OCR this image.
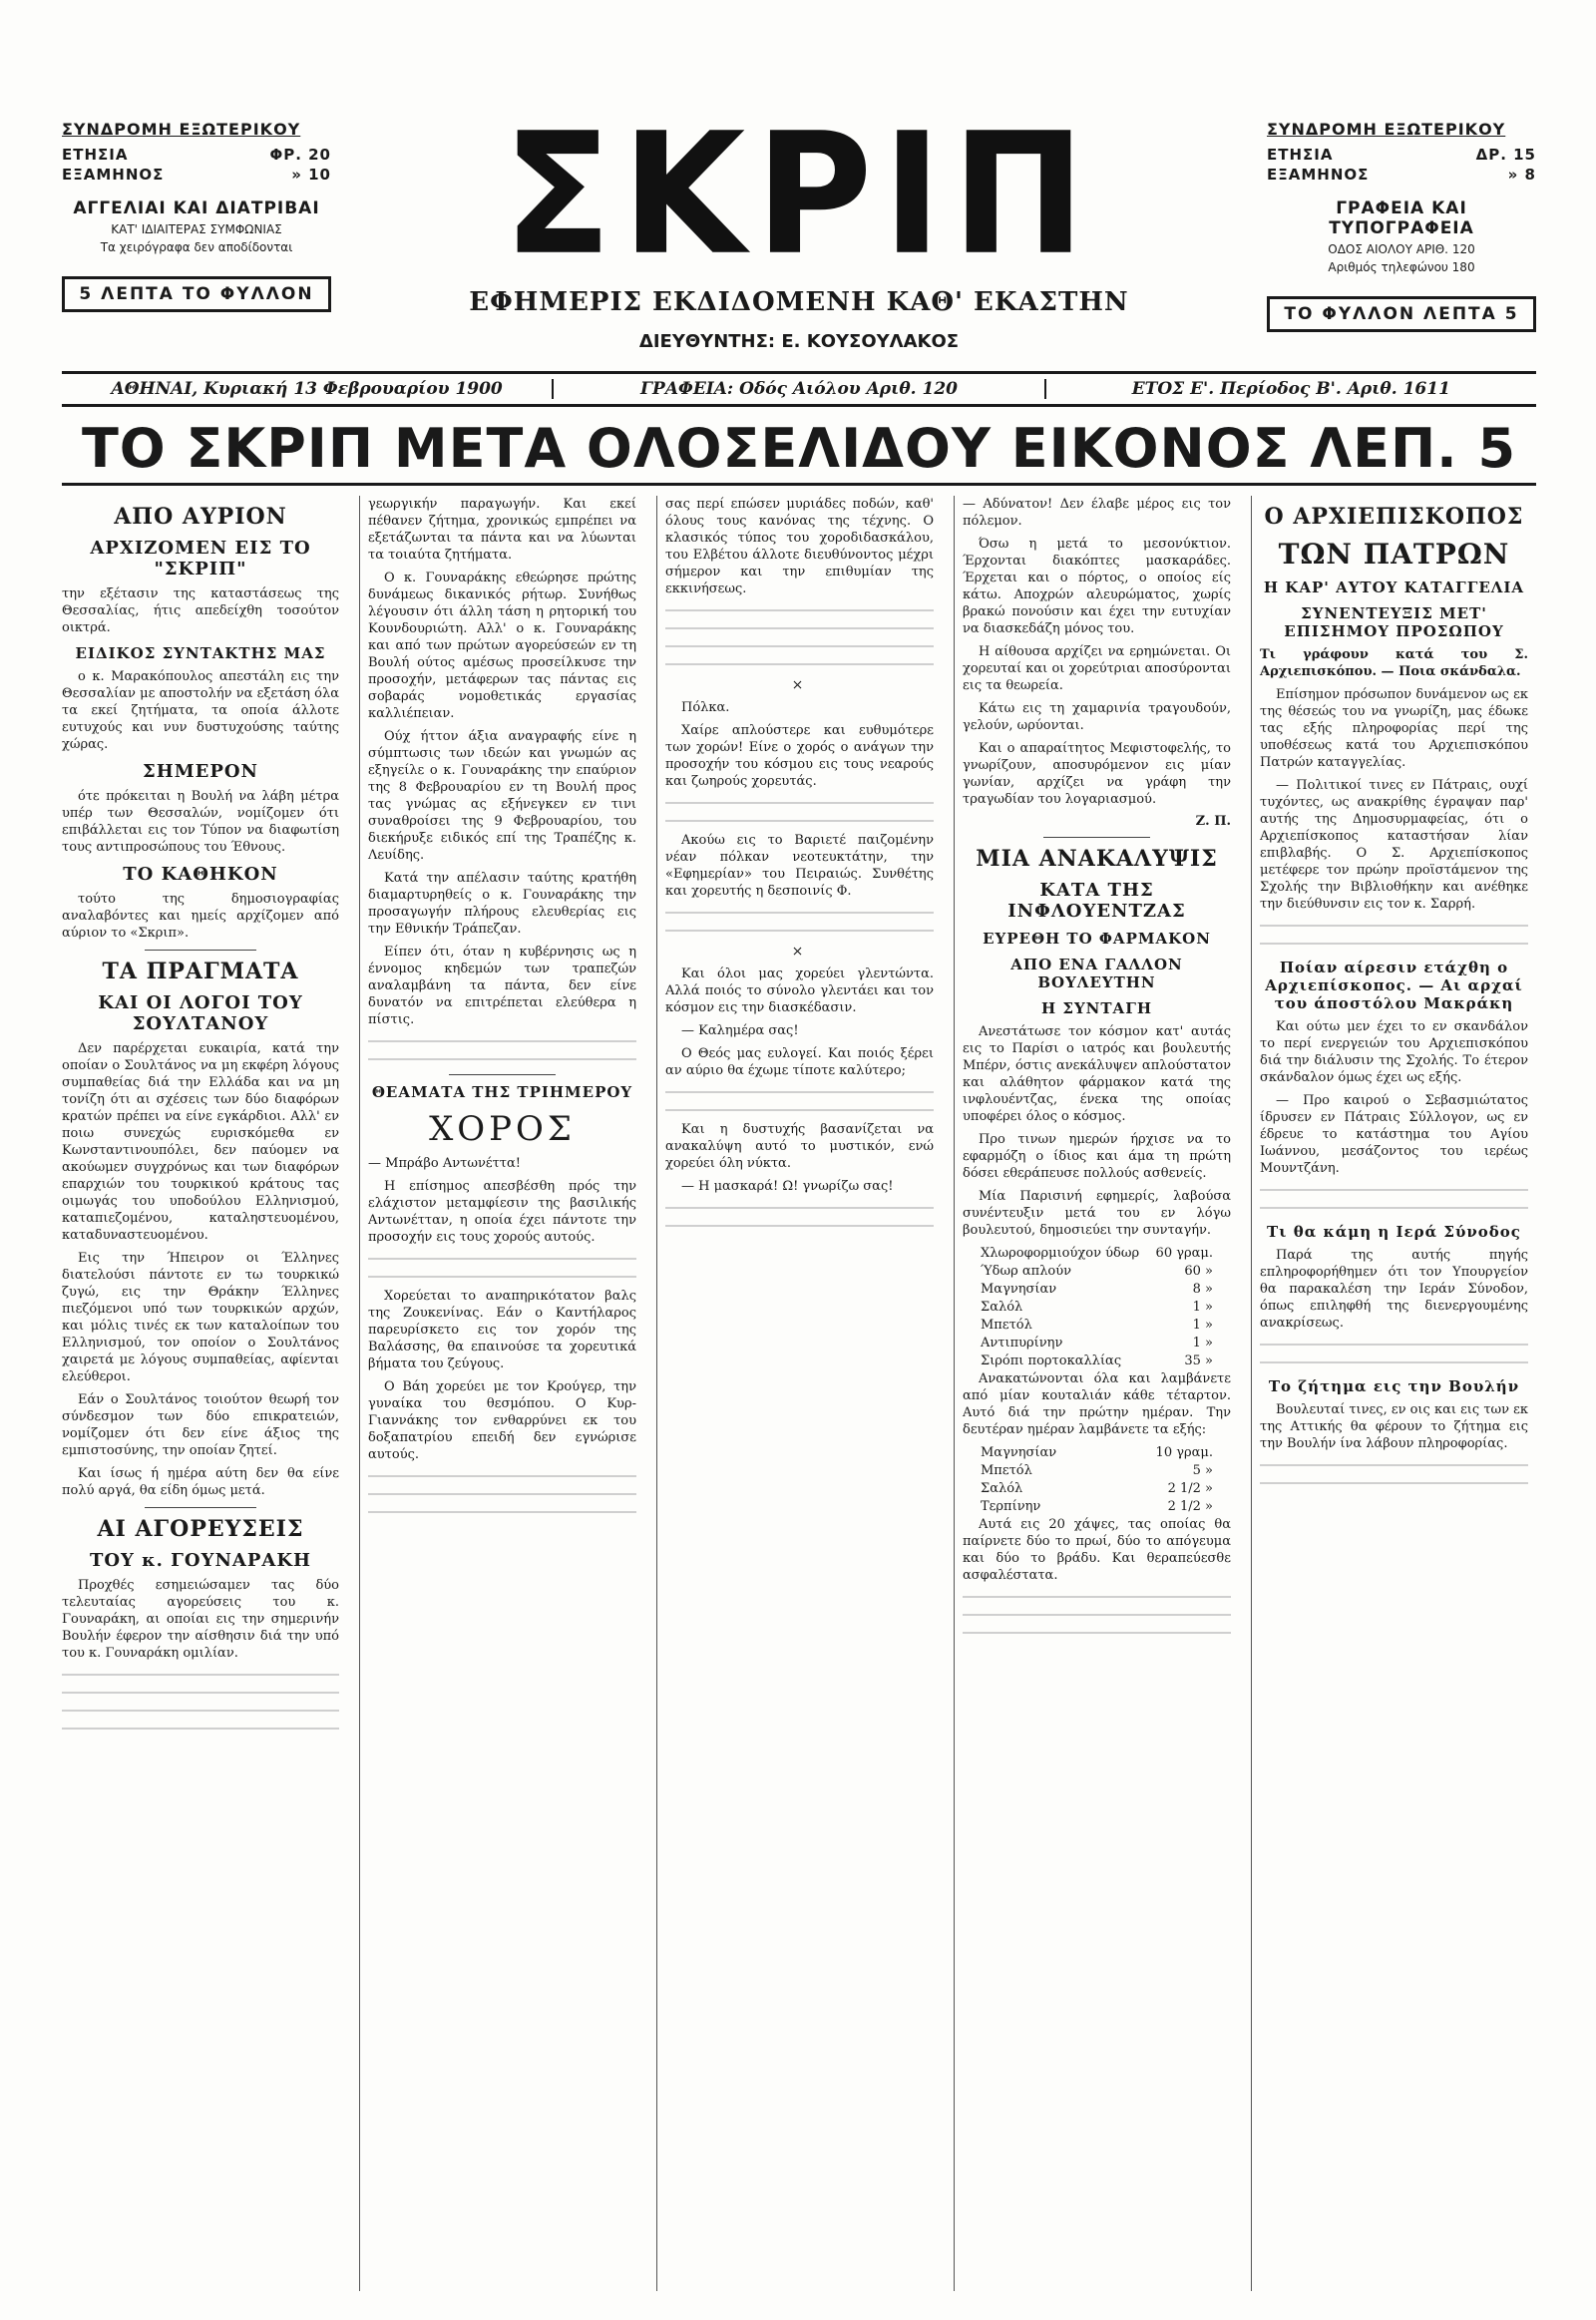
ΣΥΝΔΡΟΜΗ ΕΞΩΤΕΡΙΚΟΥ
ΕΤΗΣΙΑ	ΦΡ. 20
ΕΞΑΜΗΝΟΣ	» 10
ΑΓΓΕΛΙΑΙ ΚΑΙ ΔΙΑΤΡΙΒΑΙ
ΚΑΤ' ΙΔΙΑΙΤΕΡΑΣ ΣΥΜΦΩΝΙΑΣ
Τα χειρόγραφα δεν αποδίδονται
5 ΛΕΠΤΑ ΤΟ ΦΥΛΛΟΝ
ΣΚΡΙΠ
ΕΦΗΜΕΡΙΣ ΕΚΔΙΔΟΜΕΝΗ ΚΑΘ' ΕΚΑΣΤΗΝ
ΔΙΕΥΘΥΝΤΗΣ: Ε. ΚΟΥΣΟΥΛΑΚΟΣ
ΣΥΝΔΡΟΜΗ ΕΞΩΤΕΡΙΚΟΥ
ΕΤΗΣΙΑ	ΔΡ. 15
ΕΞΑΜΗΝΟΣ	» 8
ΓΡΑΦΕΙΑ ΚΑΙ ΤΥΠΟΓΡΑΦΕΙΑ
ΟΔΟΣ ΑΙΟΛΟΥ ΑΡΙΘ. 120
Αριθμός τηλεφώνου 180
ΤΟ ΦΥΛΛΟΝ ΛΕΠΤΑ 5
ΑΘΗΝΑΙ, Κυριακή 13 Φεβρουαρίου 1900	ΓΡΑΦΕΙΑ: Οδός Αιόλου Αριθ. 120	ΕΤΟΣ Ε'. Περίοδος Β'. Αριθ. 1611
ΤΟ ΣΚΡΙΠ ΜΕΤΑ ΟΛΟΣΕΛΙΔΟΥ ΕΙΚΟΝΟΣ ΛΕΠ. 5
ΑΠΟ ΑΥΡΙΟΝ
ΑΡΧΙΖΟΜΕΝ ΕΙΣ ΤΟ "ΣΚΡΙΠ"

την εξέτασιν της καταστάσεως της Θεσσαλίας, ήτις απεδείχθη τοσούτον οικτρά.

ΕΙΔΙΚΟΣ ΣΥΝΤΑΚΤΗΣ ΜΑΣ

ο κ. Μαρακόπουλος απεστάλη εις την Θεσσαλίαν με αποστολήν να εξετάση όλα τα εκεί ζητήματα, τα οποία άλλοτε ευτυχούς και νυν δυστυχούσης ταύτης χώρας.

ΣΗΜΕΡΟΝ

ότε πρόκειται η Βουλή να λάβη μέτρα υπέρ των Θεσσαλών, νομίζομεν ότι επιβάλλεται εις τον Τύπον να διαφωτίση τους αντιπροσώπους του Έθνους.

ΤΟ ΚΑΘΗΚΟΝ

τούτο της δημοσιογραφίας αναλαβόντες και ημείς αρχίζομεν από αύριον το «Σκριπ».

ΤΑ ΠΡΑΓΜΑΤΑ
ΚΑΙ ΟΙ ΛΟΓΟΙ ΤΟΥ ΣΟΥΛΤΑΝΟΥ

Δεν παρέρχεται ευκαιρία, κατά την οποίαν ο Σουλτάνος να μη εκφέρη λόγους συμπαθείας διά την Ελλάδα και να μη τονίζη ότι αι σχέσεις των δύο διαφόρων κρατών πρέπει να είνε εγκάρδιοι. Αλλ' εν ποιω συνεχώς ευρισκόμεθα εν Κωνσταντινουπόλει, δεν παύομεν να ακούωμεν συγχρόνως και των διαφόρων επαρχιών του τουρκικού κράτους τας οιμωγάς του υποδούλου Ελληνισμού, καταπιεζομένου, καταληστευομένου, καταδυναστευομένου.

Εις την Ήπειρον οι Έλληνες διατελούσι πάντοτε εν τω τουρκικώ ζυγώ, εις την Θράκην Έλληνες πιεζόμενοι υπό των τουρκικών αρχών, και μόλις τινές εκ των καταλοίπων του Ελληνισμού, τον οποίον ο Σουλτάνος χαιρετά με λόγους συμπαθείας, αφίενται ελεύθεροι.

Εάν ο Σουλτάνος τοιούτον θεωρή τον σύνδεσμον των δύο επικρατειών, νομίζομεν ότι δεν είνε άξιος της εμπιστοσύνης, την οποίαν ζητεί.

Και ίσως ή ημέρα αύτη δεν θα είνε πολύ αργά, θα είδη όμως μετά.

ΑΙ ΑΓΟΡΕΥΣΕΙΣ
ΤΟΥ κ. ΓΟΥΝΑΡΑΚΗ

Προχθές εσημειώσαμεν τας δύο τελευταίας αγορεύσεις του κ. Γουναράκη, αι οποίαι εις την σημερινήν Βουλήν έφερον την αίσθησιν διά την υπό του κ. Γουναράκη ομιλίαν.

γεωργικήν παραγωγήν. Και εκεί πέθανεν ζήτημα, χρονικώς εμπρέπει να εξετάζωνται τα πάντα και να λύωνται τα τοιαύτα ζητήματα.

Ο κ. Γουναράκης εθεώρησε πρώτης δυνάμεως δικανικός ρήτωρ. Συνήθως λέγουσιν ότι άλλη τάση η ρητορική του Κουνδουριώτη. Αλλ' ο κ. Γουναράκης και από των πρώτων αγορεύσεών εν τη Βουλή ούτος αμέσως προσείλκυσε την προσοχήν, μετάφερων τας πάντας εις σοβαράς νομοθετικάς εργασίας καλλιέπειαν.

Ούχ ήττον άξια αναγραφής είνε η σύμπτωσις των ιδεών και γνωμών ας εξηγείλε ο κ. Γουναράκης την επαύριον της 8 Φεβρουαρίου εν τη Βουλή προς τας γνώμας ας εξήνεγκεν εν τινι συναθροίσει της 9 Φεβρουαρίου, του διεκήρυξε ειδικός επί της Τραπέζης κ. Λευίδης.

Κατά την απέλασιν ταύτης κρατήθη διαμαρτυρηθείς ο κ. Γουναράκης την προσαγωγήν πλήρους ελευθερίας εις την Εθνικήν Τράπεζαν.

Είπεν ότι, όταν η κυβέρνησις ως η έννομος κηδεμών των τραπεζών αναλαμβάνη τα πάντα, δεν είνε δυνατόν να επιτρέπεται ελεύθερα η πίστις.

ΘΕΑΜΑΤΑ ΤΗΣ ΤΡΙΗΜΕΡΟΥ
ΧΟΡΟΣ

— Μπράβο Αντωνέττα!

Η επίσημος απεσβέσθη πρός την ελάχιστον μεταμφίεσιν της βασιλικής Αντωνέτταν, η οποία έχει πάντοτε την προσοχήν εις τους χορούς αυτούς.

Χορεύεται το αναπηρικότατον βαλς της Ζουκενίνας. Εάν ο Καντήλαρος παρευρίσκετο εις τον χορόν της Βαλάσσης, θα επαινούσε τα χορευτικά βήματα του ζεύγους.

Ο Βάη χορεύει με τον Κρούγερ, την γυναίκα του θεσμόπου. Ο Κυρ-Γιαννάκης τον ενθαρρύνει εκ του δοξαπατρίου επειδή δεν εγνώρισε αυτούς.

σας περί επώσεν μυριάδες ποδών, καθ' όλους τους κανόνας της τέχνης. Ο κλασικός τύπος του χοροδιδασκάλου, του Ελβέτου άλλοτε διευθύνοντος μέχρι σήμερον και την επιθυμίαν της εκκινήσεως.

×

Πόλκα.

Χαίρε απλούστερε και ευθυμότερε των χορών! Είνε ο χορός ο ανάγων την προσοχήν του κόσμου εις τους νεαρούς και ζωηρούς χορευτάς.

Ακούω εις το Βαριετέ παιζομένην νέαν πόλκαν νεοτευκτάτην, την «Εφημερίαν» του Πειραιώς. Συνθέτης και χορευτής η δεσποινίς Φ.

×

Και όλοι μας χορεύει γλεντώντα. Αλλά ποιός το σύνολο γλεντάει και τον κόσμον εις την διασκέδασιν.

— Καλημέρα σας!

Ο Θεός μας ευλογεί. Και ποιός ξέρει αν αύριο θα έχωμε τίποτε καλύτερο;

Και η δυστυχής βασανίζεται να ανακαλύψη αυτό το μυστικόν, ενώ χορεύει όλη νύκτα.

— Η μασκαρά! Ω! γνωρίζω σας!

— Αδύνατον! Δεν έλαβε μέρος εις τον πόλεμον.

Όσω η μετά το μεσονύκτιον. Έρχονται διακόπτες μασκαράδες. Έρχεται και ο πόρτος, ο οποίος είς κάτω. Αποχρών αλευρώματος, χωρίς βρακώ πονούσιν και έχει την ευτυχίαν να διασκεδάζη μόνος του.

Η αίθουσα αρχίζει να ερημώνεται. Οι χορευταί και οι χορεύτριαι αποσύρονται εις τα θεωρεία.

Κάτω εις τη χαμαρινία τραγουδούν, γελούν, ωρύονται.

Και ο απαραίτητος Μεφιστοφελής, το γνωρίζουν, αποσυρόμενον εις μίαν γωνίαν, αρχίζει να γράφη την τραγωδίαν του λογαριασμού.

Ζ. Π.
ΜΙΑ ΑΝΑΚΑΛΥΨΙΣ
ΚΑΤΑ ΤΗΣ ΙΝΦΛΟΥΕΝΤΖΑΣ
ΕΥΡΕΘΗ ΤΟ ΦΑΡΜΑΚΟΝ
ΑΠΟ ΕΝΑ ΓΑΛΛΟΝ ΒΟΥΛΕΥΤΗΝ
Η ΣΥΝΤΑΓΗ

Ανεστάτωσε τον κόσμον κατ' αυτάς εις το Παρίσι ο ιατρός και βουλευτής Μπέρν, όστις ανεκάλυψεν απλούστατον και αλάθητον φάρμακον κατά της ινφλουέντζας, ένεκα της οποίας υποφέρει όλος ο κόσμος.

Προ τινων ημερών ήρχισε να το εφαρμόζη ο ίδιος και άμα τη πρώτη δόσει εθεράπευσε πολλούς ασθενείς.

Μία Παρισινή εφημερίς, λαβούσα συνέντευξιν μετά του εν λόγω βουλευτού, δημοσιεύει την συνταγήν.

Χλωροφορμιούχον ύδωρ 60 γραμ.
Ύδωρ απλούν	60 »
Μαγνησίαν	8 »
Σαλόλ	1 »
Μπετόλ	1 »
Αντιπυρίνην	1 »
Σιρόπι πορτοκαλλίας	35 »

Ανακατώνονται όλα και λαμβάνετε από μίαν κουταλιάν κάθε τέταρτον. Αυτό διά την πρώτην ημέραν. Την δευτέραν ημέραν λαμβάνετε τα εξής:

Μαγνησίαν	10 γραμ.
Μπετόλ	5 »
Σαλόλ	2 1/2 »
Τερπίνην	2 1/2 »

Αυτά εις 20 χάψες, τας οποίας θα παίρνετε δύο το πρωί, δύο το απόγευμα και δύο το βράδυ. Και θεραπεύεσθε ασφαλέστατα.

Ο ΑΡΧΙΕΠΙΣΚΟΠΟΣ
ΤΩΝ ΠΑΤΡΩΝ
Η ΚΑΡ' ΑΥΤΟΥ ΚΑΤΑΓΓΕΛΙΑ
ΣΥΝΕΝΤΕΥΞΙΣ ΜΕΤ' ΕΠΙΣΗΜΟΥ ΠΡΟΣΩΠΟΥ

Τι γράφουν κατά του Σ. Αρχιεπισκόπου. — Ποια σκάνδαλα.

Επίσημον πρόσωπον δυνάμενον ως εκ της θέσεώς του να γνωρίζη, μας έδωκε τας εξής πληροφορίας περί της υποθέσεως κατά του Αρχιεπισκόπου Πατρών καταγγελίας.

— Πολιτικοί τινες εν Πάτραις, ουχί τυχόντες, ως ανακρίθης έγραψαν παρ' αυτής της Δημοσυρμαφείας, ότι ο Αρχιεπίσκοπος καταστήσαν λίαν επιβλαβής. Ο Σ. Αρχιεπίσκοπος μετέφερε τον πρώην προϊστάμενον της Σχολής την Βιβλιοθήκην και ανέθηκε την διεύθυνσιν εις τον κ. Σαρρή.

Ποίαν αίρεσιν ετάχθη ο Αρχιεπίσκοπος. — Αι αρχαί του άποστόλου Μακράκη

Και ούτω μεν έχει το εν σκανδάλον το περί ενεργειών του Αρχιεπισκόπου διά την διάλυσιν της Σχολής. Το έτερον σκάνδαλον όμως έχει ως εξής.

— Προ καιρού ο Σεβασμιώτατος ίδρυσεν εν Πάτραις Σύλλογον, ως εν έδρευε το κατάστημα του Αγίου Ιωάννου, μεσάζοντος του ιερέως Μουντζάνη.

Τι θα κάμη η Ιερά Σύνοδος

Παρά της αυτής πηγής επληροφορήθημεν ότι τον Υπουργείον θα παρακαλέση την Ιεράν Σύνοδον, όπως επιληφθή της διενεργουμένης ανακρίσεως.

Το ζήτημα εις την Βουλήν

Βουλευταί τινες, εν οις και εις των εκ της Αττικής θα φέρουν το ζήτημα εις την Βουλήν ίνα λάβουν πληροφορίας.
